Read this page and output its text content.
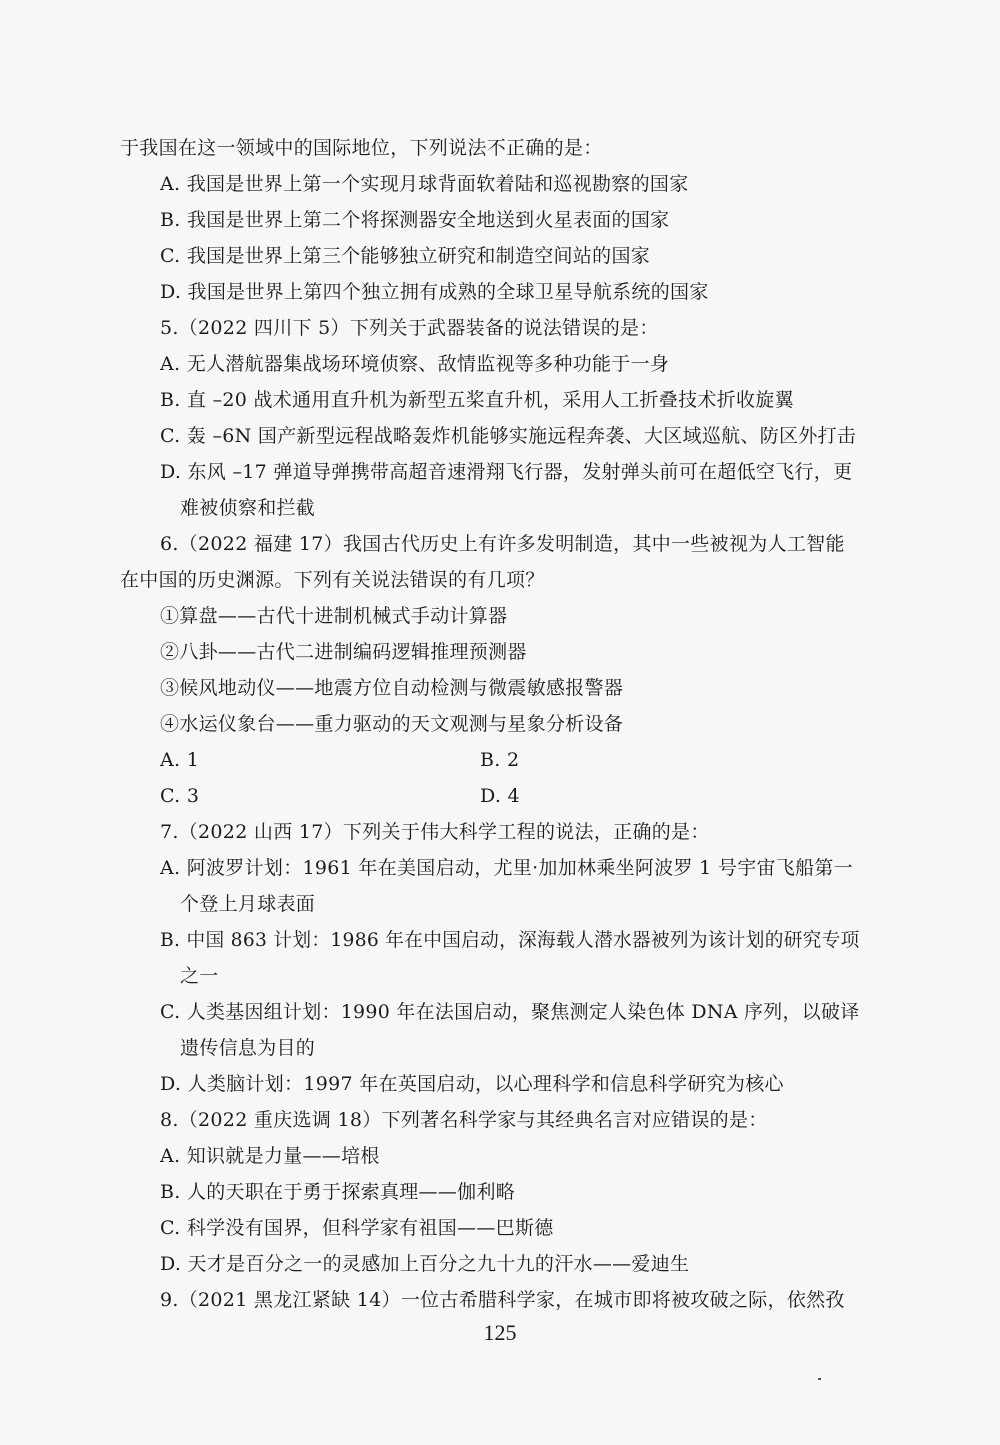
于我国在这一领域中的国际地位，下列说法不正确的是：
A. 我国是世界上第一个实现月球背面软着陆和巡视勘察的国家
B. 我国是世界上第二个将探测器安全地送到火星表面的国家
C. 我国是世界上第三个能够独立研究和制造空间站的国家
D. 我国是世界上第四个独立拥有成熟的全球卫星导航系统的国家
5.（2022 四川下 5）下列关于武器装备的说法错误的是：
A. 无人潜航器集战场环境侦察、敌情监视等多种功能于一身
B. 直 –20 战术通用直升机为新型五桨直升机，采用人工折叠技术折收旋翼
C. 轰 –6N 国产新型远程战略轰炸机能够实施远程奔袭、大区域巡航、防区外打击
D. 东风 –17 弹道导弹携带高超音速滑翔飞行器，发射弹头前可在超低空飞行，更
难被侦察和拦截
6.（2022 福建 17）我国古代历史上有许多发明制造，其中一些被视为人工智能
在中国的历史渊源。下列有关说法错误的有几项？
①算盘——古代十进制机械式手动计算器
②八卦——古代二进制编码逻辑推理预测器
③候风地动仪——地震方位自动检测与微震敏感报警器
④水运仪象台——重力驱动的天文观测与星象分析设备
A. 1	B. 2
C. 3	D. 4
7.（2022 山西 17）下列关于伟大科学工程的说法，正确的是：
A. 阿波罗计划：1961 年在美国启动，尤里·加加林乘坐阿波罗 1 号宇宙飞船第一
个登上月球表面
B. 中国 863 计划：1986 年在中国启动，深海载人潜水器被列为该计划的研究专项
之一
C. 人类基因组计划：1990 年在法国启动，聚焦测定人染色体 DNA 序列，以破译
遗传信息为目的
D. 人类脑计划：1997 年在英国启动，以心理科学和信息科学研究为核心
8.（2022 重庆选调 18）下列著名科学家与其经典名言对应错误的是：
A. 知识就是力量——培根
B. 人的天职在于勇于探索真理——伽利略
C. 科学没有国界，但科学家有祖国——巴斯德
D. 天才是百分之一的灵感加上百分之九十九的汗水——爱迪生
9.（2021 黑龙江紧缺 14）一位古希腊科学家，在城市即将被攻破之际，依然孜
125
